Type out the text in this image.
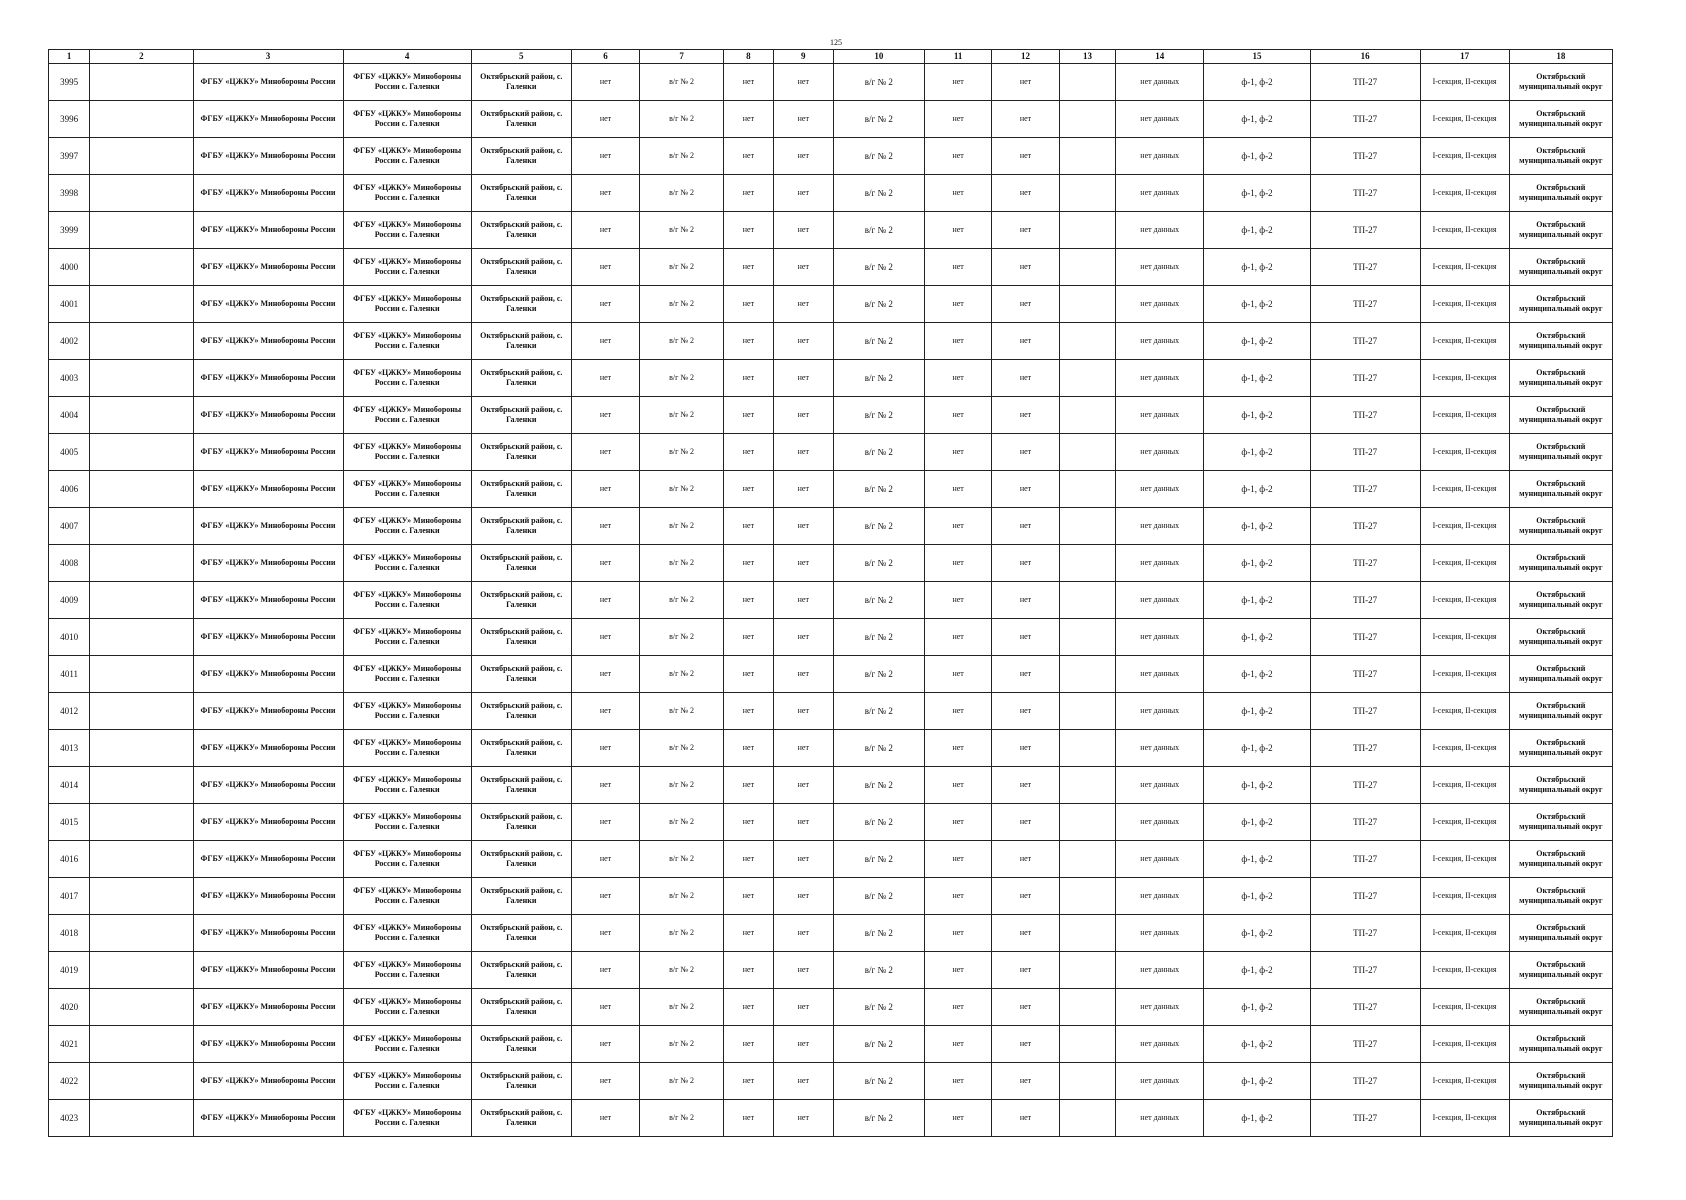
125
1	2	3	4	5	6	7	8	9	10	11	12	13	14	15	16	17	18
3995		ФГБУ «ЦЖКУ» Минобороны России	ФГБУ «ЦЖКУ» Минобороны России с. Галенки	Октябрьский район, с. Галенки	нет	в/г № 2	нет	нет	в/г № 2	нет	нет		нет данных	ф-1, ф-2	ТП-27	I-секция, II-секция	Октябрьский муниципальный округ
3996		ФГБУ «ЦЖКУ» Минобороны России	ФГБУ «ЦЖКУ» Минобороны России с. Галенки	Октябрьский район, с. Галенки	нет	в/г № 2	нет	нет	в/г № 2	нет	нет		нет данных	ф-1, ф-2	ТП-27	I-секция, II-секция	Октябрьский муниципальный округ
3997		ФГБУ «ЦЖКУ» Минобороны России	ФГБУ «ЦЖКУ» Минобороны России с. Галенки	Октябрьский район, с. Галенки	нет	в/г № 2	нет	нет	в/г № 2	нет	нет		нет данных	ф-1, ф-2	ТП-27	I-секция, II-секция	Октябрьский муниципальный округ
3998		ФГБУ «ЦЖКУ» Минобороны России	ФГБУ «ЦЖКУ» Минобороны России с. Галенки	Октябрьский район, с. Галенки	нет	в/г № 2	нет	нет	в/г № 2	нет	нет		нет данных	ф-1, ф-2	ТП-27	I-секция, II-секция	Октябрьский муниципальный округ
3999		ФГБУ «ЦЖКУ» Минобороны России	ФГБУ «ЦЖКУ» Минобороны России с. Галенки	Октябрьский район, с. Галенки	нет	в/г № 2	нет	нет	в/г № 2	нет	нет		нет данных	ф-1, ф-2	ТП-27	I-секция, II-секция	Октябрьский муниципальный округ
4000		ФГБУ «ЦЖКУ» Минобороны России	ФГБУ «ЦЖКУ» Минобороны России с. Галенки	Октябрьский район, с. Галенки	нет	в/г № 2	нет	нет	в/г № 2	нет	нет		нет данных	ф-1, ф-2	ТП-27	I-секция, II-секция	Октябрьский муниципальный округ
4001		ФГБУ «ЦЖКУ» Минобороны России	ФГБУ «ЦЖКУ» Минобороны России с. Галенки	Октябрьский район, с. Галенки	нет	в/г № 2	нет	нет	в/г № 2	нет	нет		нет данных	ф-1, ф-2	ТП-27	I-секция, II-секция	Октябрьский муниципальный округ
4002		ФГБУ «ЦЖКУ» Минобороны России	ФГБУ «ЦЖКУ» Минобороны России с. Галенки	Октябрьский район, с. Галенки	нет	в/г № 2	нет	нет	в/г № 2	нет	нет		нет данных	ф-1, ф-2	ТП-27	I-секция, II-секция	Октябрьский муниципальный округ
4003		ФГБУ «ЦЖКУ» Минобороны России	ФГБУ «ЦЖКУ» Минобороны России с. Галенки	Октябрьский район, с. Галенки	нет	в/г № 2	нет	нет	в/г № 2	нет	нет		нет данных	ф-1, ф-2	ТП-27	I-секция, II-секция	Октябрьский муниципальный округ
4004		ФГБУ «ЦЖКУ» Минобороны России	ФГБУ «ЦЖКУ» Минобороны России с. Галенки	Октябрьский район, с. Галенки	нет	в/г № 2	нет	нет	в/г № 2	нет	нет		нет данных	ф-1, ф-2	ТП-27	I-секция, II-секция	Октябрьский муниципальный округ
4005		ФГБУ «ЦЖКУ» Минобороны России	ФГБУ «ЦЖКУ» Минобороны России с. Галенки	Октябрьский район, с. Галенки	нет	в/г № 2	нет	нет	в/г № 2	нет	нет		нет данных	ф-1, ф-2	ТП-27	I-секция, II-секция	Октябрьский муниципальный округ
4006		ФГБУ «ЦЖКУ» Минобороны России	ФГБУ «ЦЖКУ» Минобороны России с. Галенки	Октябрьский район, с. Галенки	нет	в/г № 2	нет	нет	в/г № 2	нет	нет		нет данных	ф-1, ф-2	ТП-27	I-секция, II-секция	Октябрьский муниципальный округ
4007		ФГБУ «ЦЖКУ» Минобороны России	ФГБУ «ЦЖКУ» Минобороны России с. Галенки	Октябрьский район, с. Галенки	нет	в/г № 2	нет	нет	в/г № 2	нет	нет		нет данных	ф-1, ф-2	ТП-27	I-секция, II-секция	Октябрьский муниципальный округ
4008		ФГБУ «ЦЖКУ» Минобороны России	ФГБУ «ЦЖКУ» Минобороны России с. Галенки	Октябрьский район, с. Галенки	нет	в/г № 2	нет	нет	в/г № 2	нет	нет		нет данных	ф-1, ф-2	ТП-27	I-секция, II-секция	Октябрьский муниципальный округ
4009		ФГБУ «ЦЖКУ» Минобороны России	ФГБУ «ЦЖКУ» Минобороны России с. Галенки	Октябрьский район, с. Галенки	нет	в/г № 2	нет	нет	в/г № 2	нет	нет		нет данных	ф-1, ф-2	ТП-27	I-секция, II-секция	Октябрьский муниципальный округ
4010		ФГБУ «ЦЖКУ» Минобороны России	ФГБУ «ЦЖКУ» Минобороны России с. Галенки	Октябрьский район, с. Галенки	нет	в/г № 2	нет	нет	в/г № 2	нет	нет		нет данных	ф-1, ф-2	ТП-27	I-секция, II-секция	Октябрьский муниципальный округ
4011		ФГБУ «ЦЖКУ» Минобороны России	ФГБУ «ЦЖКУ» Минобороны России с. Галенки	Октябрьский район, с. Галенки	нет	в/г № 2	нет	нет	в/г № 2	нет	нет		нет данных	ф-1, ф-2	ТП-27	I-секция, II-секция	Октябрьский муниципальный округ
4012		ФГБУ «ЦЖКУ» Минобороны России	ФГБУ «ЦЖКУ» Минобороны России с. Галенки	Октябрьский район, с. Галенки	нет	в/г № 2	нет	нет	в/г № 2	нет	нет		нет данных	ф-1, ф-2	ТП-27	I-секция, II-секция	Октябрьский муниципальный округ
4013		ФГБУ «ЦЖКУ» Минобороны России	ФГБУ «ЦЖКУ» Минобороны России с. Галенки	Октябрьский район, с. Галенки	нет	в/г № 2	нет	нет	в/г № 2	нет	нет		нет данных	ф-1, ф-2	ТП-27	I-секция, II-секция	Октябрьский муниципальный округ
4014		ФГБУ «ЦЖКУ» Минобороны России	ФГБУ «ЦЖКУ» Минобороны России с. Галенки	Октябрьский район, с. Галенки	нет	в/г № 2	нет	нет	в/г № 2	нет	нет		нет данных	ф-1, ф-2	ТП-27	I-секция, II-секция	Октябрьский муниципальный округ
4015		ФГБУ «ЦЖКУ» Минобороны России	ФГБУ «ЦЖКУ» Минобороны России с. Галенки	Октябрьский район, с. Галенки	нет	в/г № 2	нет	нет	в/г № 2	нет	нет		нет данных	ф-1, ф-2	ТП-27	I-секция, II-секция	Октябрьский муниципальный округ
4016		ФГБУ «ЦЖКУ» Минобороны России	ФГБУ «ЦЖКУ» Минобороны России с. Галенки	Октябрьский район, с. Галенки	нет	в/г № 2	нет	нет	в/г № 2	нет	нет		нет данных	ф-1, ф-2	ТП-27	I-секция, II-секция	Октябрьский муниципальный округ
4017		ФГБУ «ЦЖКУ» Минобороны России	ФГБУ «ЦЖКУ» Минобороны России с. Галенки	Октябрьский район, с. Галенки	нет	в/г № 2	нет	нет	в/г № 2	нет	нет		нет данных	ф-1, ф-2	ТП-27	I-секция, II-секция	Октябрьский муниципальный округ
4018		ФГБУ «ЦЖКУ» Минобороны России	ФГБУ «ЦЖКУ» Минобороны России с. Галенки	Октябрьский район, с. Галенки	нет	в/г № 2	нет	нет	в/г № 2	нет	нет		нет данных	ф-1, ф-2	ТП-27	I-секция, II-секция	Октябрьский муниципальный округ
4019		ФГБУ «ЦЖКУ» Минобороны России	ФГБУ «ЦЖКУ» Минобороны России с. Галенки	Октябрьский район, с. Галенки	нет	в/г № 2	нет	нет	в/г № 2	нет	нет		нет данных	ф-1, ф-2	ТП-27	I-секция, II-секция	Октябрьский муниципальный округ
4020		ФГБУ «ЦЖКУ» Минобороны России	ФГБУ «ЦЖКУ» Минобороны России с. Галенки	Октябрьский район, с. Галенки	нет	в/г № 2	нет	нет	в/г № 2	нет	нет		нет данных	ф-1, ф-2	ТП-27	I-секция, II-секция	Октябрьский муниципальный округ
4021		ФГБУ «ЦЖКУ» Минобороны России	ФГБУ «ЦЖКУ» Минобороны России с. Галенки	Октябрьский район, с. Галенки	нет	в/г № 2	нет	нет	в/г № 2	нет	нет		нет данных	ф-1, ф-2	ТП-27	I-секция, II-секция	Октябрьский муниципальный округ
4022		ФГБУ «ЦЖКУ» Минобороны России	ФГБУ «ЦЖКУ» Минобороны России с. Галенки	Октябрьский район, с. Галенки	нет	в/г № 2	нет	нет	в/г № 2	нет	нет		нет данных	ф-1, ф-2	ТП-27	I-секция, II-секция	Октябрьский муниципальный округ
4023		ФГБУ «ЦЖКУ» Минобороны России	ФГБУ «ЦЖКУ» Минобороны России с. Галенки	Октябрьский район, с. Галенки	нет	в/г № 2	нет	нет	в/г № 2	нет	нет		нет данных	ф-1, ф-2	ТП-27	I-секция, II-секция	Октябрьский муниципальный округ
